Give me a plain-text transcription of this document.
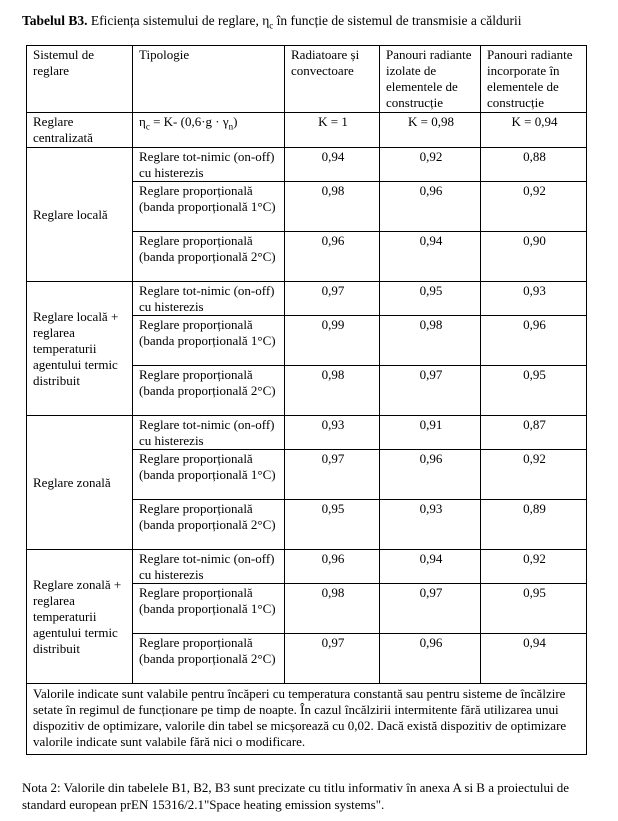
Tabelul B3. Eficiența sistemului de reglare, $\eta_c$ în funcție de sistemul de transmisie a căldurii
Sistemul de reglare	Tipologie	Radiatoare și convectoare	Panouri radiante izolate de elementele de construcție	Panouri radiante incorporate în elementele de construcție
Reglare centralizată	$\eta_c = K-$ $(0,6\cdot g \cdot \gamma_n)$	K = 1	K = 0,98	K = 0,94
Reglare locală	Reglare tot-nimic (on-off) cu histerezis	0,94	0,92	0,88
	Reglare proporțională (banda proporțională 1°C)	0,98	0,96	0,92
	Reglare proporțională (banda proporțională 2°C)	0,96	0,94	0,90
Reglare locală + reglarea temperaturii agentului termic distribuit	Reglare tot-nimic (on-off) cu histerezis	0,97	0,95	0,93
	Reglare proporțională (banda proporțională 1°C)	0,99	0,98	0,96
	Reglare proporțională (banda proporțională 2°C)	0,98	0,97	0,95
Reglare zonală	Reglare tot-nimic (on-off) cu histerezis	0,93	0,91	0,87
	Reglare proporțională (banda proporțională 1°C)	0,97	0,96	0,92
	Reglare proporțională (banda proporțională 2°C)	0,95	0,93	0,89
Reglare zonală + reglarea temperaturii agentului termic distribuit	Reglare tot-nimic (on-off) cu histerezis	0,96	0,94	0,92
	Reglare proporțională (banda proporțională 1°C)	0,98	0,97	0,95
	Reglare proporțională (banda proporțională 2°C)	0,97	0,96	0,94
Valorile indicate sunt valabile pentru încăperi cu temperatura constantă sau pentru sisteme de încălzire setate în regimul de funcționare pe timp de noapte. În cazul încălzirii intermitente fără utilizarea unui dispozitiv de optimizare, valorile din tabel se micșorează cu 0,02. Dacă există dispozitiv de optimizare valorile indicate sunt valabile fără nici o modificare.				
Nota 2: Valorile din tabelele B1, B2, B3 sunt precizate cu titlu informativ în anexa A si B a proiectului de standard european prEN 15316/2.1"Space heating emission systems".
